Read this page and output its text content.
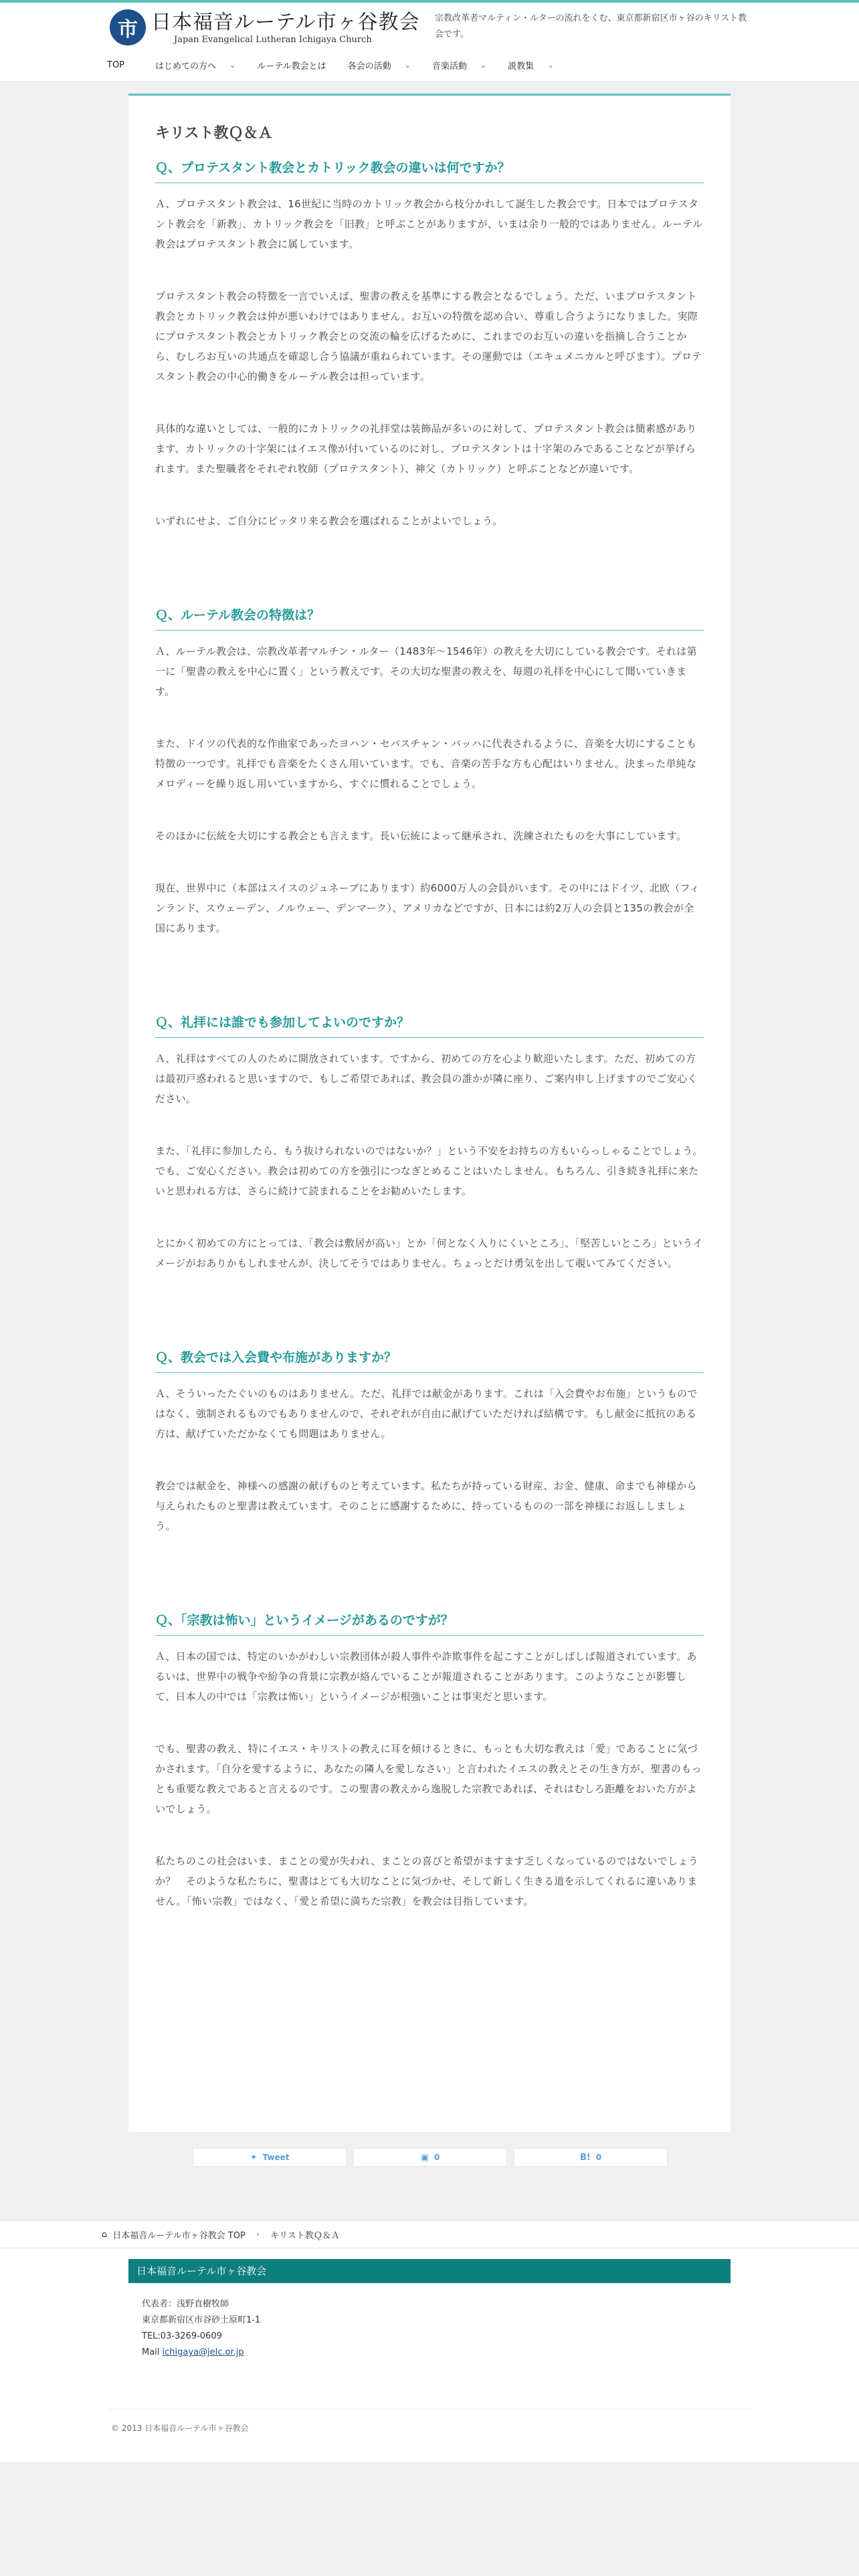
市 日本福音ルーテル市ヶ谷教会
Japan Evangelical Lutheran Ichigaya Church
宗教改革者マルティン・ルターの流れをくむ、東京都新宿区市ヶ谷のキリスト教会です。
TOP	はじめての方へ ⌄ ルーテル教会とは 各会の活動 ⌄ 音楽活動 ⌄ 説教集 ⌄
キリスト教Ｑ＆Ａ
Ｑ、プロテスタント教会とカトリック教会の違いは何ですか？

Ａ、プロテスタント教会は、16世紀に当時のカトリック教会から枝分かれして誕生した教会です。日本ではプロテスタント教会を「新教」、カトリック教会を「旧教」と呼ぶことがありますが、いまは余り一般的ではありません。ルーテル教会はプロテスタント教会に属しています。

プロテスタント教会の特徴を一言でいえば、聖書の教えを基準にする教会となるでしょう。ただ、いまプロテスタント教会とカトリック教会は仲が悪いわけではありません。お互いの特徴を認め合い、尊重し合うようになりました。実際にプロテスタント教会とカトリック教会との交流の輪を広げるために、これまでのお互いの違いを指摘し合うことから、むしろお互いの共通点を確認し合う協議が重ねられています。その運動では（エキュメニカルと呼びます）。プロテスタント教会の中心的働きをルーテル教会は担っています。

具体的な違いとしては、一般的にカトリックの礼拝堂は装飾品が多いのに対して、プロテスタント教会は簡素感があります、カトリックの十字架にはイエス像が付いているのに対し、プロテスタントは十字架のみであることなどが挙げられます。また聖職者をそれぞれ牧師（プロテスタント）、神父（カトリック）と呼ぶことなどが違いです。

いずれにせよ、ご自分にピッタリ来る教会を選ばれることがよいでしょう。

Ｑ、ルーテル教会の特徴は？

Ａ、ルーテル教会は、宗教改革者マルチン・ルター（1483年〜1546年）の教えを大切にしている教会です。それは第一に「聖書の教えを中心に置く」という教えです。その大切な聖書の教えを、毎週の礼拝を中心にして聞いていきます。

また、ドイツの代表的な作曲家であったヨハン・セバスチャン・バッハに代表されるように、音楽を大切にすることも特徴の一つです。礼拝でも音楽をたくさん用いています。でも、音楽の苦手な方も心配はいりません。決まった単純なメロディーを繰り返し用いていますから、すぐに慣れることでしょう。

そのほかに伝統を大切にする教会とも言えます。長い伝統によって継承され、洗練されたものを大事にしています。

現在、世界中に（本部はスイスのジュネーブにあります）約6000万人の会員がいます。その中にはドイツ、北欧（フィンランド、スウェーデン、ノルウェー、デンマーク）、アメリカなどですが、日本には約2万人の会員と135の教会が全国にあります。

Ｑ、礼拝には誰でも参加してよいのですか？

Ａ、礼拝はすべての人のために開放されています。ですから、初めての方を心より歓迎いたします。ただ、初めての方は最初戸惑われると思いますので、もしご希望であれば、教会員の誰かが隣に座り、ご案内申し上げますのでご安心ください。

また、「礼拝に参加したら、もう抜けられないのではないか？」という不安をお持ちの方もいらっしゃることでしょう。でも、ご安心ください。教会は初めての方を強引につなぎとめることはいたしません。もちろん、引き続き礼拝に来たいと思われる方は、さらに続けて読まれることをお勧めいたします。

とにかく初めての方にとっては、「教会は敷居が高い」とか「何となく入りにくいところ」、「堅苦しいところ」というイメージがおありかもしれませんが、決してそうではありません。ちょっとだけ勇気を出して覗いてみてください。

Ｑ、教会では入会費や布施がありますか？

Ａ、そういったたぐいのものはありません。ただ、礼拝では献金があります。これは「入会費やお布施」というものではなく、強制されるものでもありませんので、それぞれが自由に献げていただければ結構です。もし献金に抵抗のある方は、献げていただかなくても問題はありません。

教会では献金を、神様への感謝の献げものと考えています。私たちが持っている財産、お金、健康、命までも神様から与えられたものと聖書は教えています。そのことに感謝するために、持っているものの一部を神様にお返ししましょう。

Ｑ、「宗教は怖い」というイメージがあるのですが？

Ａ、日本の国では、特定のいかがわしい宗教団体が殺人事件や詐欺事件を起こすことがしばしば報道されています。あるいは、世界中の戦争や紛争の背景に宗教が絡んでいることが報道されることがあります。このようなことが影響して、日本人の中では「宗教は怖い」というイメージが根強いことは事実だと思います。

でも、聖書の教え、特にイエス・キリストの教えに耳を傾けるときに、もっとも大切な教えは「愛」であることに気づかされます。「自分を愛するように、あなたの隣人を愛しなさい」と言われたイエスの教えとその生き方が、聖書のもっとも重要な教えであると言えるのです。この聖書の教えから逸脱した宗教であれば、それはむしろ距離をおいた方がよいでしょう。

私たちのこの社会はいま、まことの愛が失われ、まことの喜びと希望がますます乏しくなっているのではないでしょうか？　そのような私たちに、聖書はとても大切なことに気づかせ、そして新しく生きる道を示してくれるに違いありません。「怖い宗教」ではなく、「愛と希望に満ちた宗教」を教会は目指しています。

✦ Tweet	▣ 0	B! 0
⌂ 日本福音ルーテル市ヶ谷教会 TOP › キリスト教Ｑ＆Ａ
日本福音ルーテル市ヶ谷教会
代表者：浅野直樹牧師
東京都新宿区市谷砂土原町1-1
TEL:03-3269-0609
Mail ichigaya@jelc.or.jp
© 2013 日本福音ルーテル市ヶ谷教会
